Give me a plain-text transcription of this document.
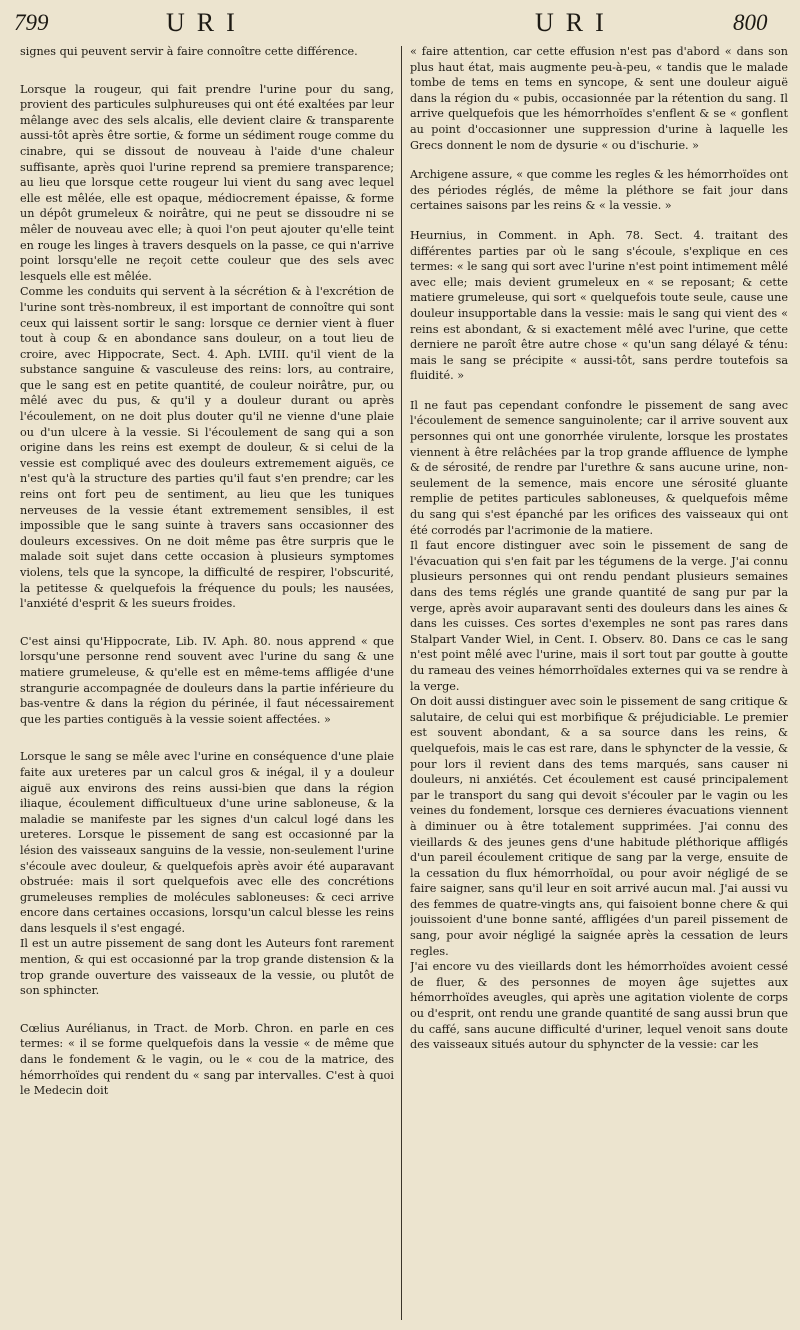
799	URI	URI	800

signes qui peuvent servir à faire connoître cette différence.

Lorsque la rougeur, qui fait prendre l'urine pour du sang, provient des particules sulphureuses qui ont été exaltées par leur mêlange avec des sels alcalis, elle devient claire & transparente aussi-tôt après être sortie, & forme un sédiment rouge comme du cinabre, qui se dissout de nouveau à l'aide d'une chaleur suffisante, après quoi l'urine reprend sa premiere transparence; au lieu que lorsque cette rougeur lui vient du sang avec lequel elle est mêlée, elle est opaque, médiocrement épaisse, & forme un dépôt grumeleux & noirâtre, qui ne peut se dissoudre ni se mêler de nouveau avec elle; à quoi l'on peut ajouter qu'elle teint en rouge les linges à travers desquels on la passe, ce qui n'arrive point lorsqu'elle ne reçoit cette couleur que des sels avec lesquels elle est mêlée.

Comme les conduits qui servent à la sécrétion & à l'excrétion de l'urine sont très-nombreux, il est important de connoître qui sont ceux qui laissent sortir le sang: lorsque ce dernier vient à fluer tout à coup & en abondance sans douleur, on a tout lieu de croire, avec Hippocrate, Sect. 4. Aph. LVIII. qu'il vient de la substance sanguine & vasculeuse des reins: lors, au contraire, que le sang est en petite quantité, de couleur noirâtre, pur, ou mêlé avec du pus, & qu'il y a douleur durant ou après l'écoulement, on ne doit plus douter qu'il ne vienne d'une plaie ou d'un ulcere à la vessie. Si l'écoulement de sang qui a son origine dans les reins est exempt de douleur, & si celui de la vessie est compliqué avec des douleurs extremement aiguës, ce n'est qu'à la structure des parties qu'il faut s'en prendre; car les reins ont fort peu de sentiment, au lieu que les tuniques nerveuses de la vessie étant extremement sensibles, il est impossible que le sang suinte à travers sans occasionner des douleurs excessives. On ne doit même pas être surpris que le malade soit sujet dans cette occasion à plusieurs symptomes violens, tels que la syncope, la difficulté de respirer, l'obscurité, la petitesse & quelquefois la fréquence du pouls; les nausées, l'anxiété d'esprit & les sueurs froides.

C'est ainsi qu'Hippocrate, Lib. IV. Aph. 80. nous apprend « que lorsqu'une personne rend souvent avec l'urine du sang & une matiere grumeleuse, & qu'elle est en même-tems affligée d'une strangurie accompagnée de douleurs dans la partie inférieure du bas-ventre & dans la région du périnée, il faut nécessairement que les parties contiguës à la vessie soient affectées. »

Lorsque le sang se mêle avec l'urine en conséquence d'une plaie faite aux ureteres par un calcul gros & inégal, il y a douleur aiguë aux environs des reins aussi-bien que dans la région iliaque, écoulement difficultueux d'une urine sabloneuse, & la maladie se manifeste par les signes d'un calcul logé dans les ureteres. Lorsque le pissement de sang est occasionné par la lésion des vaisseaux sanguins de la vessie, non-seulement l'urine s'écoule avec douleur, & quelquefois après avoir été auparavant obstruée: mais il sort quelquefois avec elle des concrétions grumeleuses remplies de molécules sabloneuses: & ceci arrive encore dans certaines occasions, lorsqu'un calcul blesse les reins dans lesquels il s'est engagé.

Il est un autre pissement de sang dont les Auteurs font rarement mention, & qui est occasionné par la trop grande distension & la trop grande ouverture des vaisseaux de la vessie, ou plutôt de son sphincter.

Cœlius Aurélianus, in Tract. de Morb. Chron. en parle en ces termes: « il se forme quelquefois dans la vessie « de même que dans le fondement & le vagin, ou le « cou de la matrice, des hémorrhoïdes qui rendent du « sang par intervalles. C'est à quoi le Medecin doit

« faire attention, car cette effusion n'est pas d'abord « dans son plus haut état, mais augmente peu-à-peu, « tandis que le malade tombe de tems en tems en syncope, & sent une douleur aiguë dans la région du « pubis, occasionnée par la rétention du sang. Il arrive quelquefois que les hémorrhoïdes s'enflent & se « gonflent au point d'occasionner une suppression d'urine à laquelle les Grecs donnent le nom de dysurie « ou d'ischurie. »

Archigene assure, « que comme les regles & les hémorrhoïdes ont des périodes réglés, de même la pléthore se fait jour dans certaines saisons par les reins & « la vessie. »

Heurnius, in Comment. in Aph. 78. Sect. 4. traitant des différentes parties par où le sang s'écoule, s'explique en ces termes: « le sang qui sort avec l'urine n'est point intimement mêlé avec elle; mais devient grumeleux en « se reposant; & cette matiere grumeleuse, qui sort « quelquefois toute seule, cause une douleur insupportable dans la vessie: mais le sang qui vient des « reins est abondant, & si exactement mêlé avec l'urine, que cette derniere ne paroît être autre chose « qu'un sang délayé & ténu: mais le sang se précipite « aussi-tôt, sans perdre toutefois sa fluidité. »

Il ne faut pas cependant confondre le pissement de sang avec l'écoulement de semence sanguinolente; car il arrive souvent aux personnes qui ont une gonorrhée virulente, lorsque les prostates viennent à être relâchées par la trop grande affluence de lymphe & de sérosité, de rendre par l'urethre & sans aucune urine, non-seulement de la semence, mais encore une sérosité gluante remplie de petites particules sabloneuses, & quelquefois même du sang qui s'est épanché par les orifices des vaisseaux qui ont été corrodés par l'acrimonie de la matiere.

Il faut encore distinguer avec soin le pissement de sang de l'évacuation qui s'en fait par les tégumens de la verge. J'ai connu plusieurs personnes qui ont rendu pendant plusieurs semaines dans des tems réglés une grande quantité de sang pur par la verge, après avoir auparavant senti des douleurs dans les aines & dans les cuisses. Ces sortes d'exemples ne sont pas rares dans Stalpart Vander Wiel, in Cent. I. Observ. 80. Dans ce cas le sang n'est point mêlé avec l'urine, mais il sort tout par goutte à goutte du rameau des veines hémorrhoïdales externes qui va se rendre à la verge.

On doit aussi distinguer avec soin le pissement de sang critique & salutaire, de celui qui est morbifique & préjudiciable. Le premier est souvent abondant, & a sa source dans les reins, & quelquefois, mais le cas est rare, dans le sphyncter de la vessie, & pour lors il revient dans des tems marqués, sans causer ni douleurs, ni anxiétés. Cet écoulement est causé principalement par le transport du sang qui devoit s'écouler par le vagin ou les veines du fondement, lorsque ces dernieres évacuations viennent à diminuer ou à être totalement supprimées. J'ai connu des vieillards & des jeunes gens d'une habitude pléthorique affligés d'un pareil écoulement critique de sang par la verge, ensuite de la cessation du flux hémorrhoïdal, ou pour avoir négligé de se faire saigner, sans qu'il leur en soit arrivé aucun mal. J'ai aussi vu des femmes de quatre-vingts ans, qui faisoient bonne chere & qui jouissoient d'une bonne santé, affligées d'un pareil pissement de sang, pour avoir négligé la saignée après la cessation de leurs regles.

J'ai encore vu des vieillards dont les hémorrhoïdes avoient cessé de fluer, & des personnes de moyen âge sujettes aux hémorrhoïdes aveugles, qui après une agitation violente de corps ou d'esprit, ont rendu une grande quantité de sang aussi brun que du caffé, sans aucune difficulté d'uriner, lequel venoit sans doute des vaisseaux situés autour du sphyncter de la vessie: car les
